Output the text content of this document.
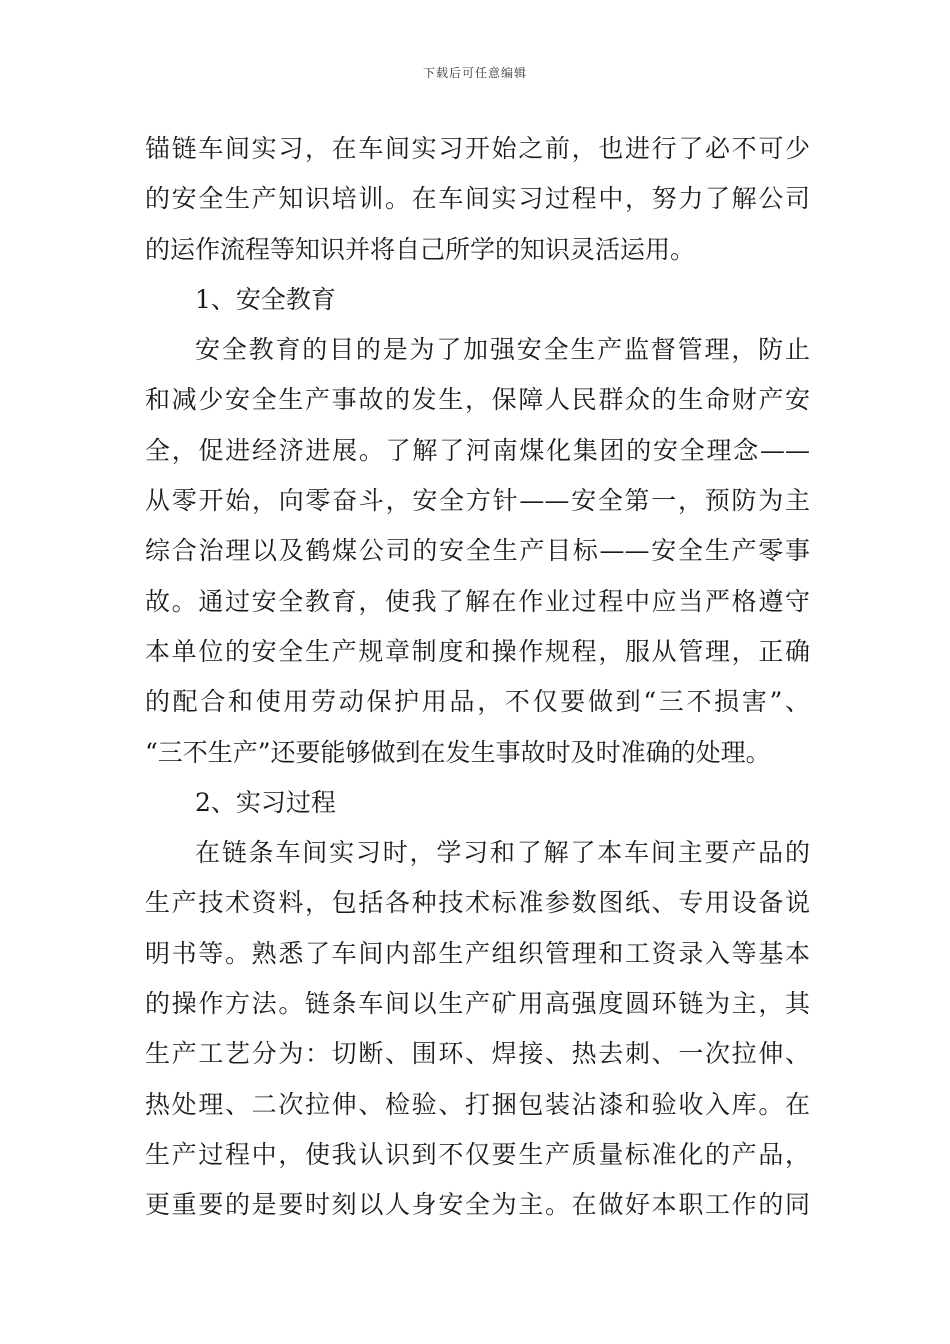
下载后可任意编辑
锚链车间实习，在车间实习开始之前，也进行了必不可少
的安全生产知识培训。在车间实习过程中，努力了解公司
的运作流程等知识并将自己所学的知识灵活运用。
1、安全教育
安全教育的目的是为了加强安全生产监督管理，防止
和减少安全生产事故的发生，保障人民群众的生命财产安
全，促进经济进展。了解了河南煤化集团的安全理念——
从零开始，向零奋斗，安全方针——安全第一，预防为主
综合治理以及鹤煤公司的安全生产目标——安全生产零事
故。通过安全教育，使我了解在作业过程中应当严格遵守
本单位的安全生产规章制度和操作规程，服从管理，正确
的配合和使用劳动保护用品，不仅要做到“三不损害”、
“三不生产”还要能够做到在发生事故时及时准确的处理。
2、实习过程
在链条车间实习时，学习和了解了本车间主要产品的
生产技术资料，包括各种技术标准参数图纸、专用设备说
明书等。熟悉了车间内部生产组织管理和工资录入等基本
的操作方法。链条车间以生产矿用高强度圆环链为主，其
生产工艺分为：切断、围环、焊接、热去刺、一次拉伸、
热处理、二次拉伸、检验、打捆包装沾漆和验收入库。在
生产过程中，使我认识到不仅要生产质量标准化的产品，
更重要的是要时刻以人身安全为主。在做好本职工作的同
